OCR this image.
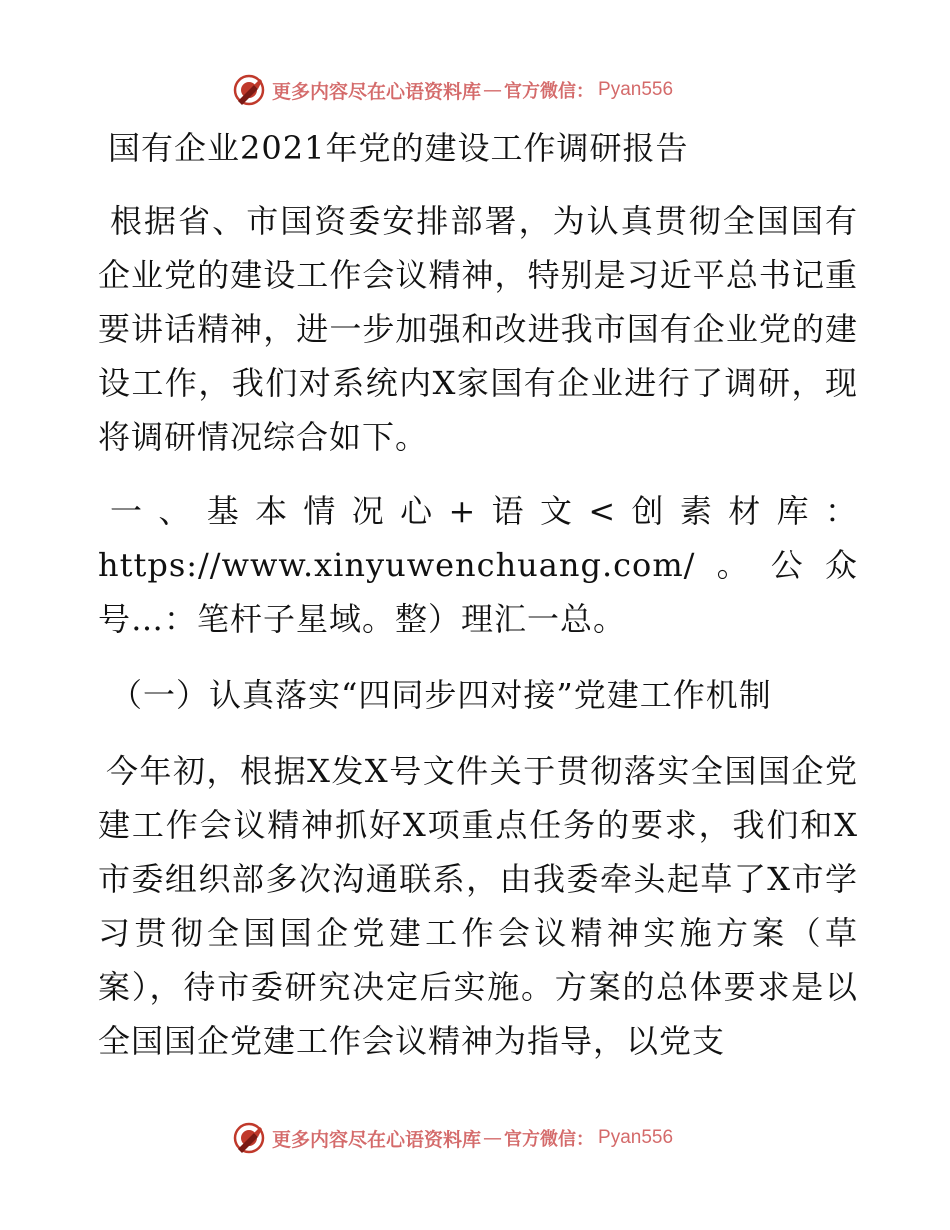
更多内容尽在心语资料库 — 官方微信： Pyan556
国有企业2021年党的建设工作调研报告

根据省、市国资委安排部署，为认真贯彻全国国有企业党的建设工作会议精神，特别是习近平总书记重要讲话精神，进一步加强和改进我市国有企业党的建设工作，我们对系统内X家国有企业进行了调研，现将调研情况综合如下。

一、基本情况心+语文<创素材库：https://www.xinyuwenchuang.com/。公众号…：笔杆子星域。整）理汇一总。

（一）认真落实“四同步四对接”党建工作机制

今年初，根据X发X号文件关于贯彻落实全国国企党建工作会议精神抓好X项重点任务的要求，我们和X市委组织部多次沟通联系，由我委牵头起草了X市学习贯彻全国国企党建工作会议精神实施方案（草案），待市委研究决定后实施。方案的总体要求是以全国国企党建工作会议精神为指导，以党支

更多内容尽在心语资料库 — 官方微信： Pyan556
